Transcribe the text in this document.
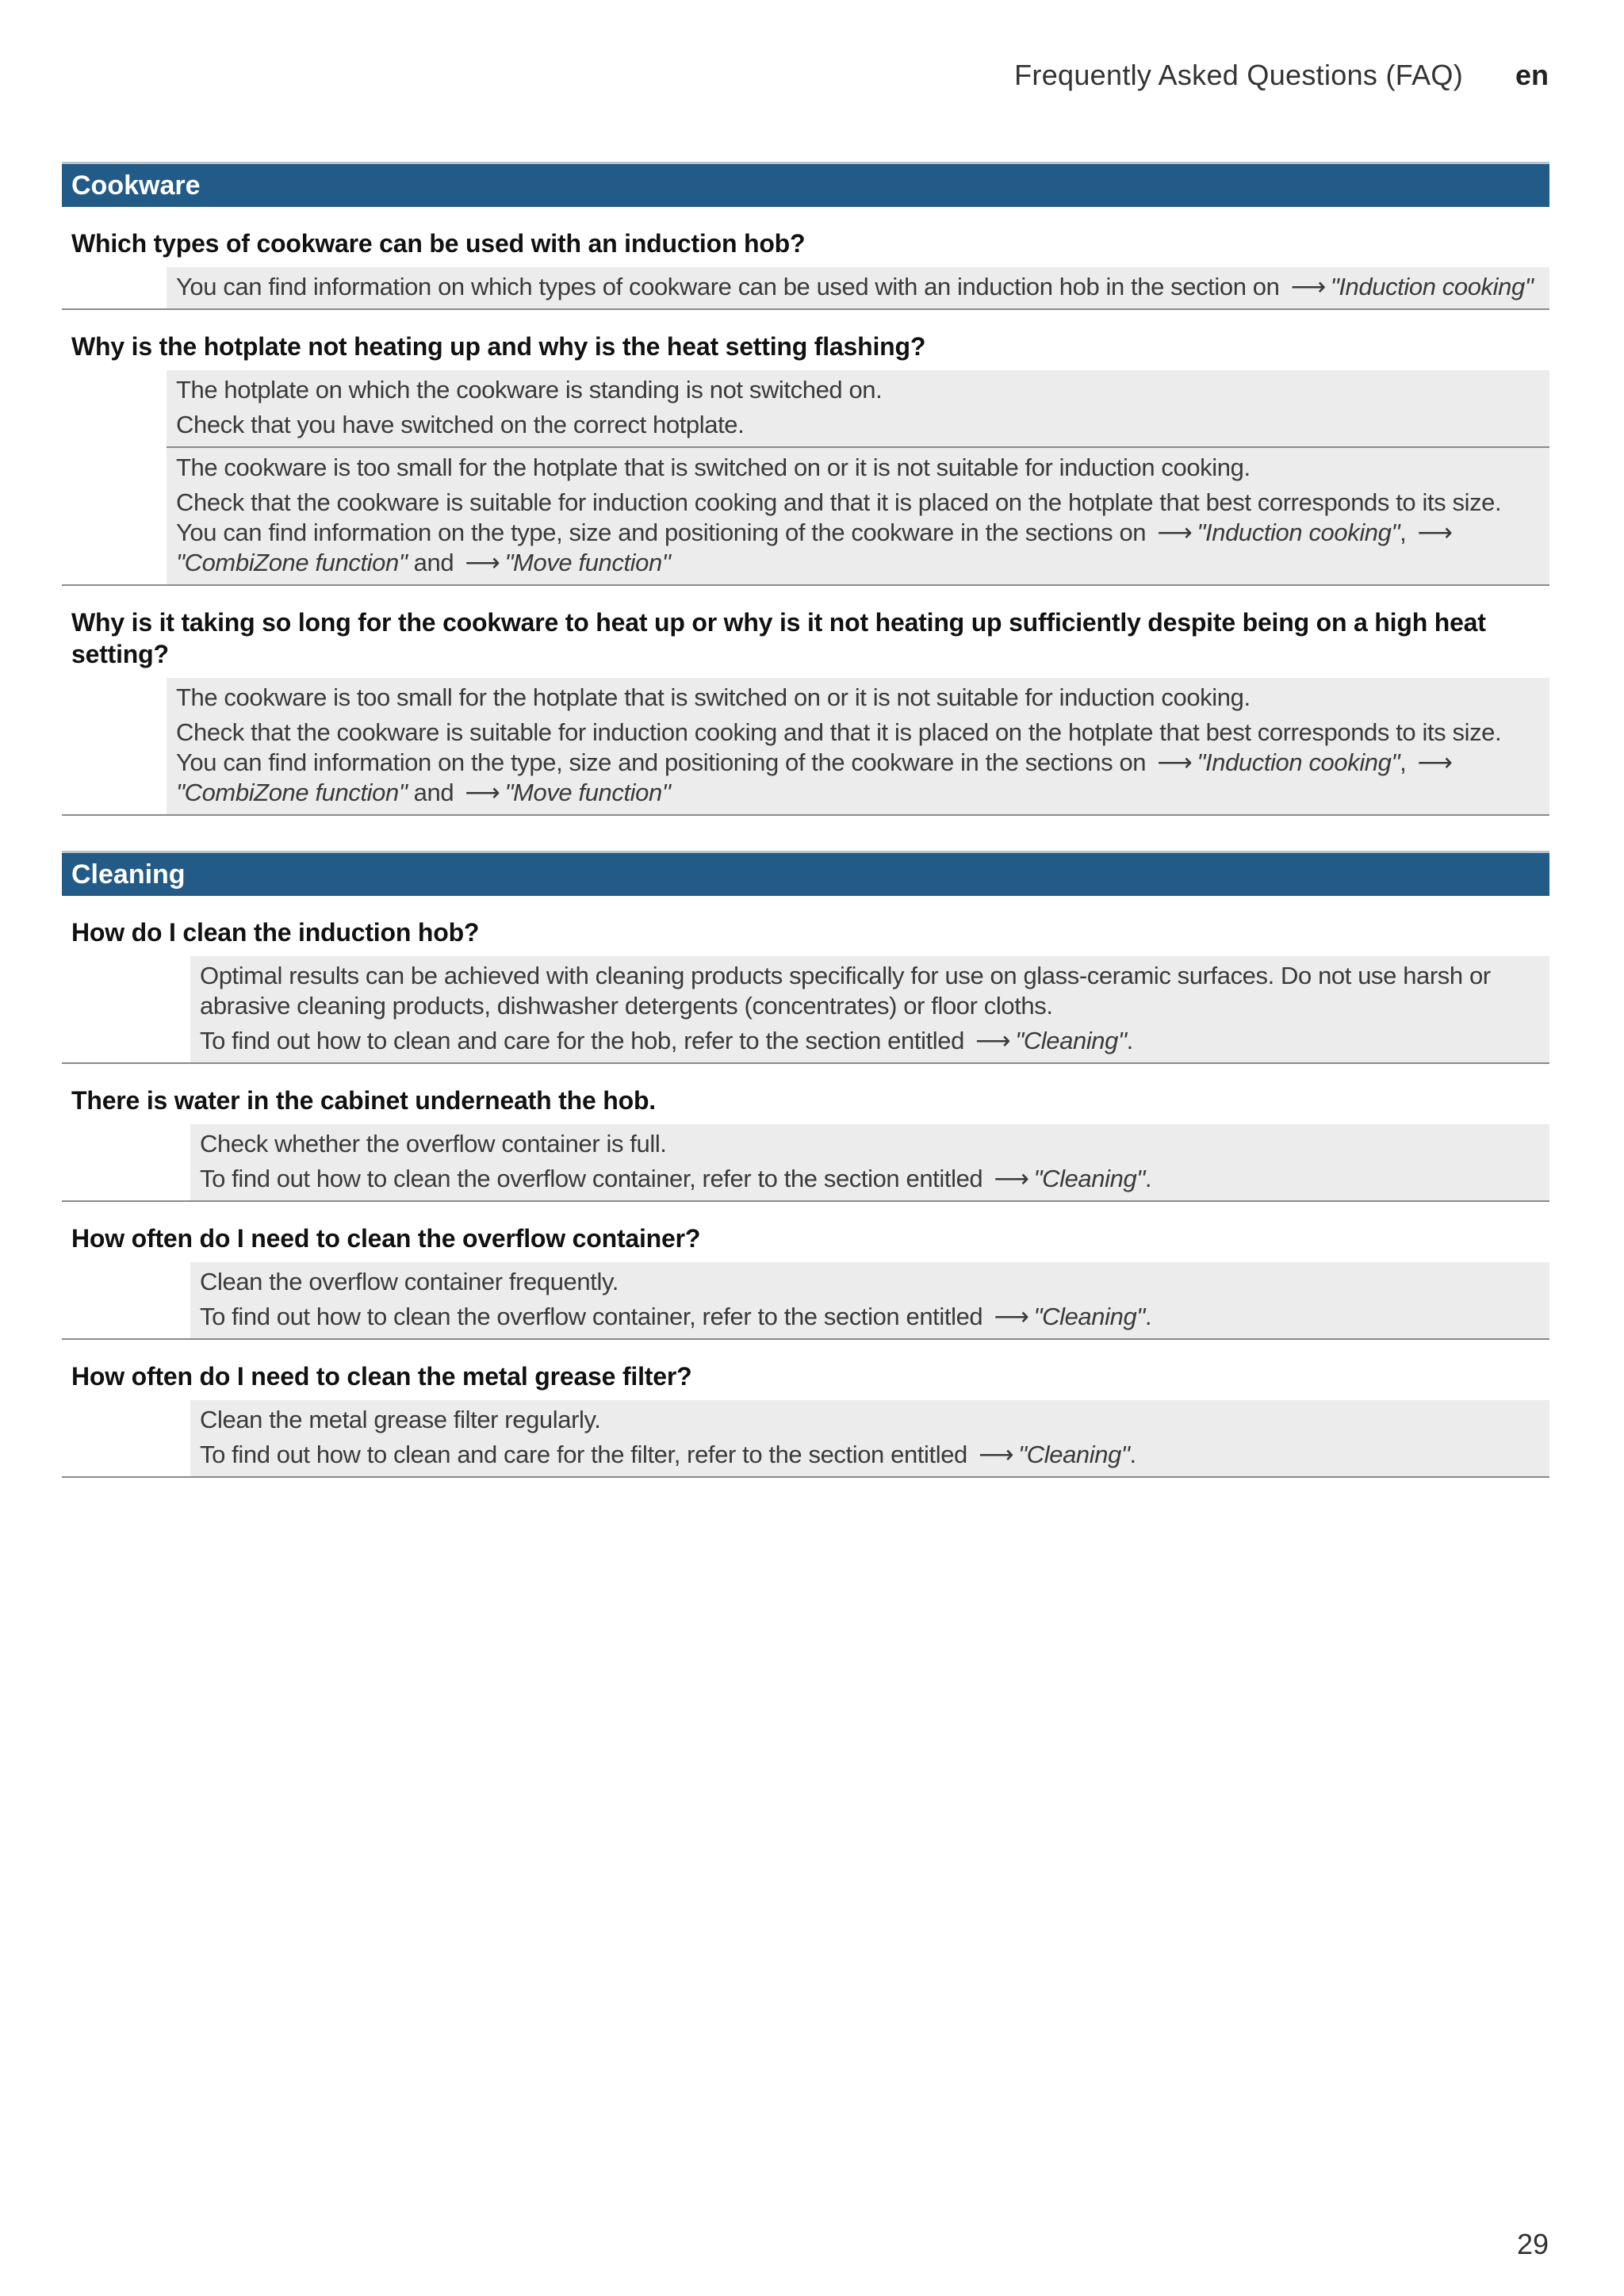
Frequently Asked Questions (FAQ) en
Cookware
Which types of cookware can be used with an induction hob?

You can find information on which types of cookware can be used with an induction hob in the section on ⟶ "Induction cooking"

Why is the hotplate not heating up and why is the heat setting flashing?

The hotplate on which the cookware is standing is not switched on.

Check that you have switched on the correct hotplate.

The cookware is too small for the hotplate that is switched on or it is not suitable for induction cooking.

Check that the cookware is suitable for induction cooking and that it is placed on the hotplate that best corresponds to its size. You can find information on the type, size and positioning of the cookware in the sections on ⟶ "Induction cooking", ⟶"CombiZone function" and ⟶ "Move function"

Why is it taking so long for the cookware to heat up or why is it not heating up sufficiently despite being on a high heat setting?

The cookware is too small for the hotplate that is switched on or it is not suitable for induction cooking.

Check that the cookware is suitable for induction cooking and that it is placed on the hotplate that best corresponds to its size. You can find information on the type, size and positioning of the cookware in the sections on ⟶ "Induction cooking", ⟶"CombiZone function" and ⟶ "Move function"

Cleaning
How do I clean the induction hob?

Optimal results can be achieved with cleaning products specifically for use on glass-ceramic surfaces. Do not use harsh or abrasive cleaning products, dishwasher detergents (concentrates) or floor cloths.

To find out how to clean and care for the hob, refer to the section entitled ⟶ "Cleaning".

There is water in the cabinet underneath the hob.

Check whether the overflow container is full.

To find out how to clean the overflow container, refer to the section entitled ⟶ "Cleaning".

How often do I need to clean the overflow container?

Clean the overflow container frequently.

To find out how to clean the overflow container, refer to the section entitled ⟶ "Cleaning".

How often do I need to clean the metal grease filter?

Clean the metal grease filter regularly.

To find out how to clean and care for the filter, refer to the section entitled ⟶ "Cleaning".

29
